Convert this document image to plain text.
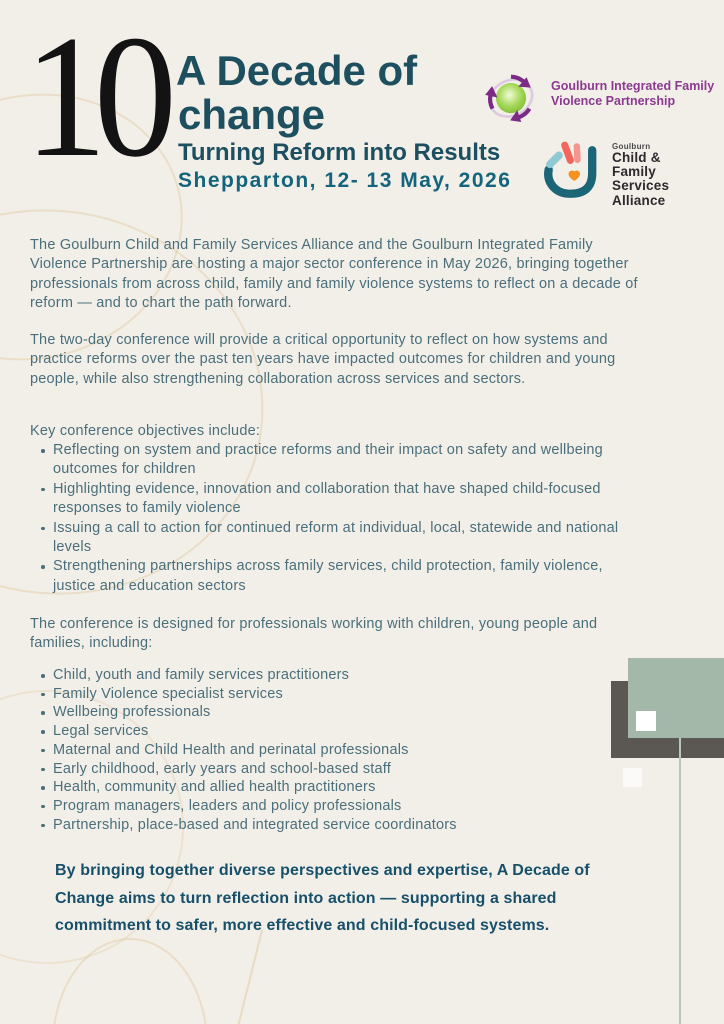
10 A Decade of
change
Turning Reform into Results
Shepparton, 12- 13 May, 2026
Goulburn Integrated Family
Violence Partnership
Goulburn
Child &
Family
Services
Alliance
The Goulburn Child and Family Services Alliance and the Goulburn Integrated Family Violence Partnership are hosting a major sector conference in May 2026, bringing together professionals from across child, family and family violence systems to reflect on a decade of reform — and to chart the path forward.
The two-day conference will provide a critical opportunity to reflect on how systems and practice reforms over the past ten years have impacted outcomes for children and young people, while also strengthening collaboration across services and sectors.
Key conference objectives include:
Reflecting on system and practice reforms and their impact on safety and wellbeing outcomes for children
Highlighting evidence, innovation and collaboration that have shaped child-focused responses to family violence
Issuing a call to action for continued reform at individual, local, statewide and national levels
Strengthening partnerships across family services, child protection, family violence, justice and education sectors
The conference is designed for professionals working with children, young people and families, including:
Child, youth and family services practitioners
Family Violence specialist services
Wellbeing professionals
Legal services
Maternal and Child Health and perinatal professionals
Early childhood, early years and school-based staff
Health, community and allied health practitioners
Program managers, leaders and policy professionals
Partnership, place-based and integrated service coordinators
By bringing together diverse perspectives and expertise, A Decade of Change aims to turn reflection into action — supporting a shared commitment to safer, more effective and child-focused systems.
